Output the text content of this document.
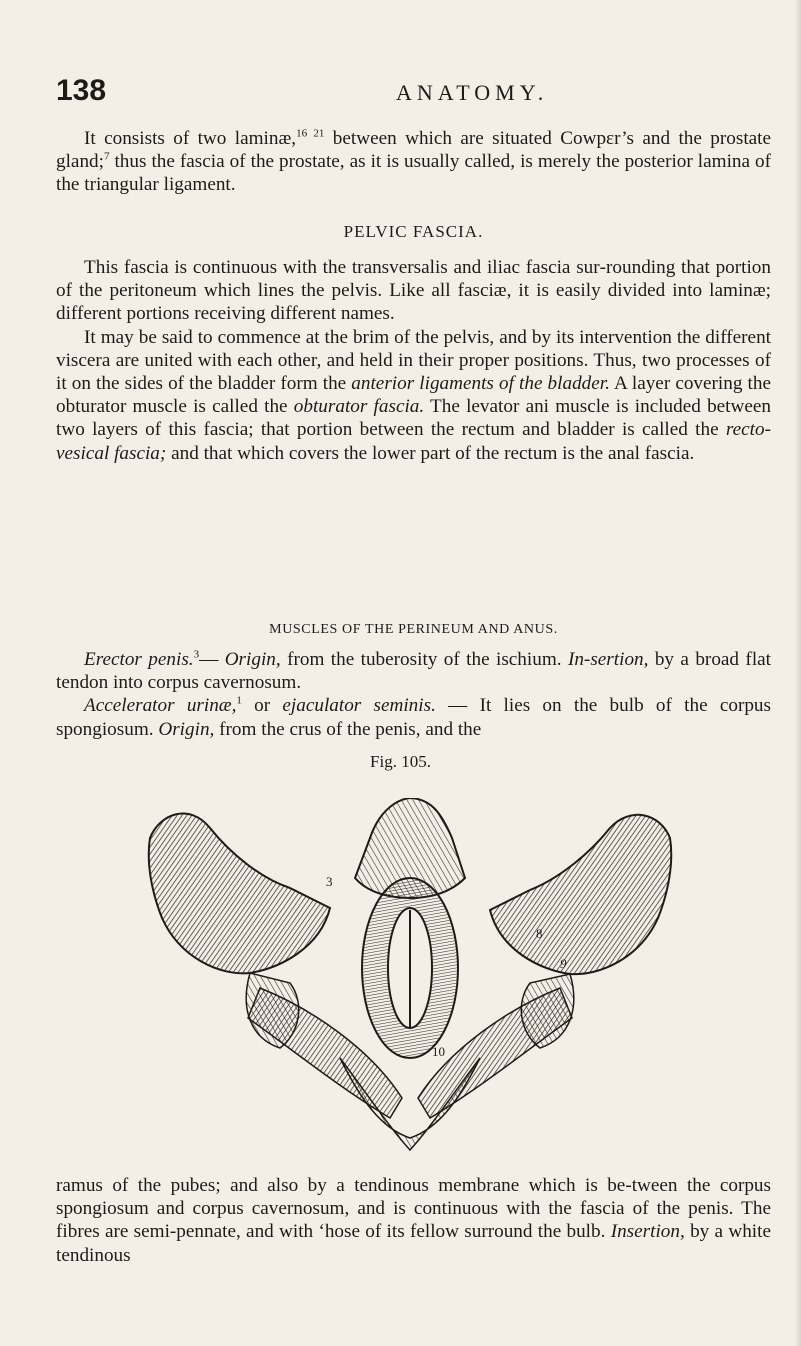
138	ANATOMY.

It consists of two laminæ,$^{16 21}$ between which are situated Cowpεr’s and the prostate gland;$^7$ thus the fascia of the prostate, as it is usually called, is merely the posterior lamina of the triangular ligament.

PELVIC FASCIA.

This fascia is continuous with the transversalis and iliac fascia sur‐rounding that portion of the peritoneum which lines the pelvis. Like all fasciæ, it is easily divided into laminæ; different portions receiving different names.

It may be said to commence at the brim of the pelvis, and by its intervention the different viscera are united with each other, and held in their proper positions. Thus, two processes of it on the sides of the bladder form the anterior ligaments of the bladder. A layer covering the obturator muscle is called the obturator fascia. The levator ani muscle is included between two layers of this fascia; that portion between the rectum and bladder is called the recto-vesical fascia; and that which covers the lower part of the rectum is the anal fascia.

MUSCLES OF THE PERINEUM AND ANUS.

Erector penis.$^3$— Origin, from the tuberosity of the ischium. In‐sertion, by a broad flat tendon into corpus cavernosum.

Accelerator urinæ,$^1$ or ejaculator seminis. — It lies on the bulb of the corpus spongiosum. Origin, from the crus of the penis, and the

Fig. 105.
3
8
9
10

ramus of the pubes; and also by a tendinous membrane which is be‐tween the corpus spongiosum and corpus cavernosum, and is continuous with the fascia of the penis. The fibres are semi-pennate, and with ‘hose of its fellow surround the bulb. Insertion, by a white tendinous
